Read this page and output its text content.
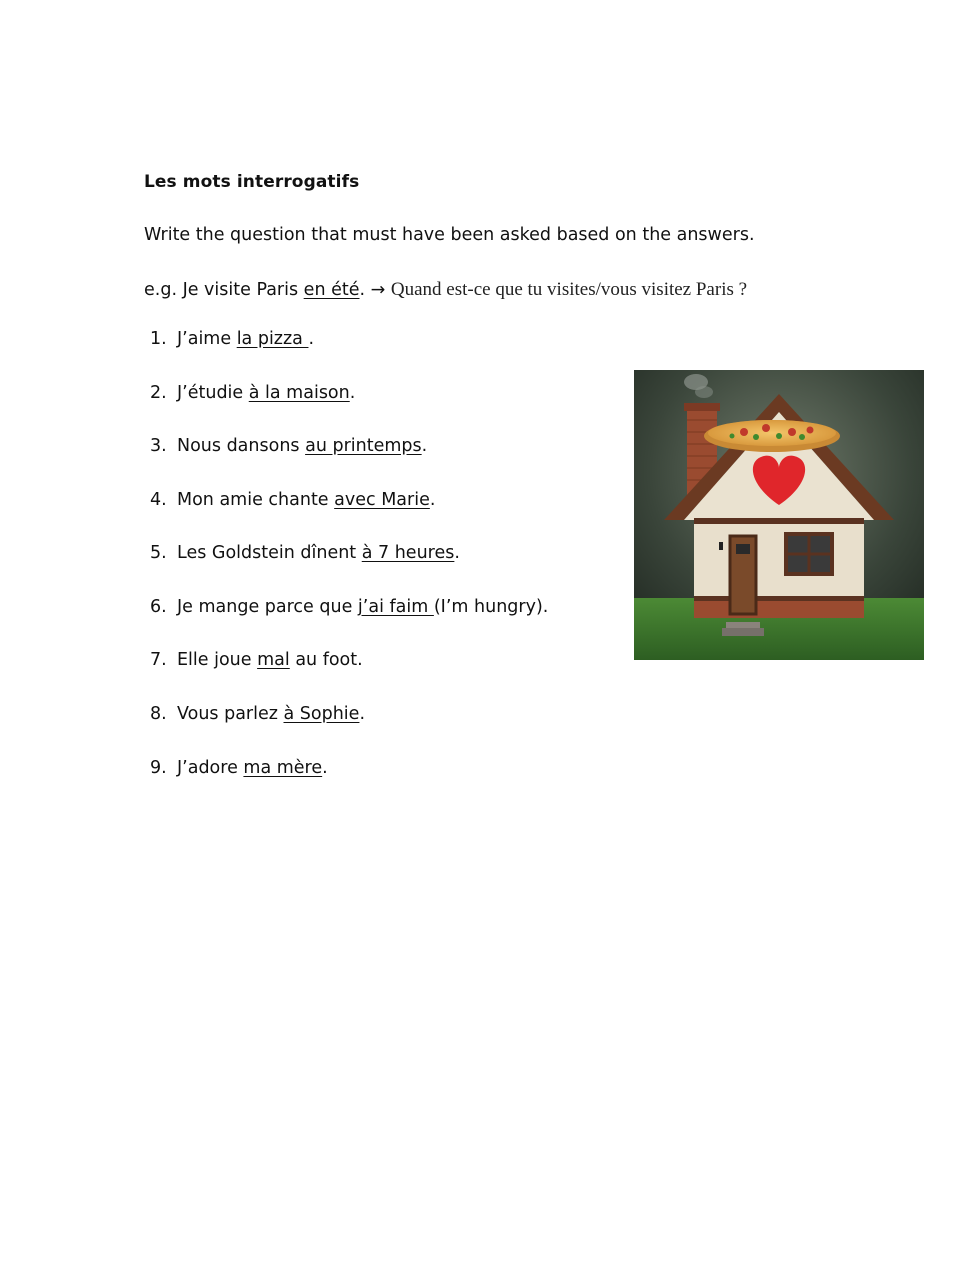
Les mots interrogatifs
Write the question that must have been asked based on the answers.
e.g. Je visite Paris en été. → Quand est-ce que tu visites/vous visitez Paris ?
1. J’aime la pizza .
2. J’étudie à la maison.
3. Nous dansons au printemps.
4. Mon amie chante avec Marie.
5. Les Goldstein dînent à 7 heures.
6. Je mange parce que j’ai faim (I’m hungry).
7. Elle joue mal au foot.
8. Vous parlez à Sophie.
9. J’adore ma mère.
